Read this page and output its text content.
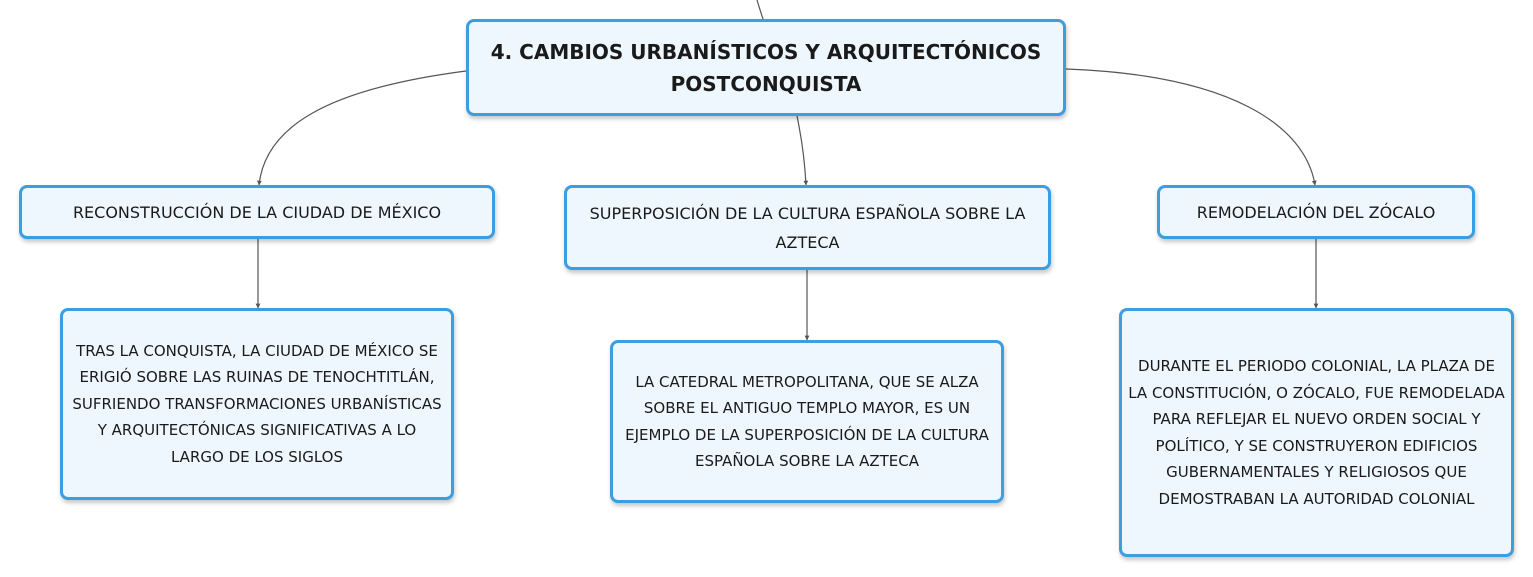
4. CAMBIOS URBANÍSTICOS Y ARQUITECTÓNICOS POSTCONQUISTA
RECONSTRUCCIÓN DE LA CIUDAD DE MÉXICO	SUPERPOSICIÓN DE LA CULTURA ESPAÑOLA SOBRE LA AZTECA
REMODELACIÓN DEL ZÓCALO
TRAS LA CONQUISTA, LA CIUDAD DE MÉXICO SE ERIGIÓ SOBRE LAS RUINAS DE TENOCHTITLÁN, SUFRIENDO TRANSFORMACIONES URBANÍSTICAS Y ARQUITECTÓNICAS SIGNIFICATIVAS A LO LARGO DE LOS SIGLOS
LA CATEDRAL METROPOLITANA, QUE SE ALZA SOBRE EL ANTIGUO TEMPLO MAYOR, ES UN EJEMPLO DE LA SUPERPOSICIÓN DE LA CULTURA ESPAÑOLA SOBRE LA AZTECA
DURANTE EL PERIODO COLONIAL, LA PLAZA DE LA CONSTITUCIÓN, O ZÓCALO, FUE REMODELADA PARA REFLEJAR EL NUEVO ORDEN SOCIAL Y POLÍTICO, Y SE CONSTRUYERON EDIFICIOS GUBERNAMENTALES Y RELIGIOSOS QUE DEMOSTRABAN LA AUTORIDAD COLONIAL
